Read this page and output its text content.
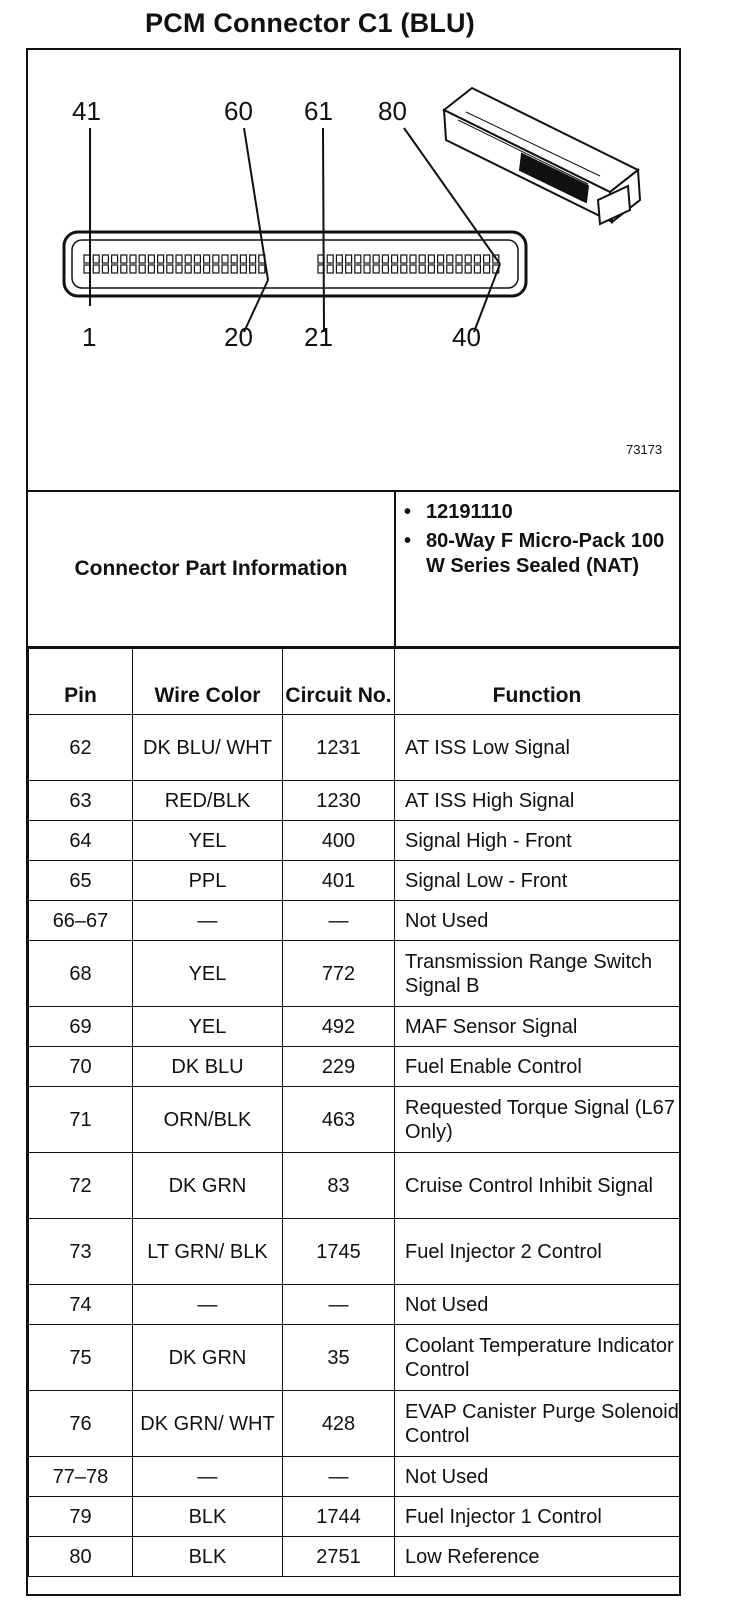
PCM Connector C1 (BLU)
41	60 61 80
1	20 21	40
73173
Connector Part Information
• 12191110
• 80-Way F Micro-Pack 100 W Series Sealed (NAT)
Pin	Wire Color	Circuit No.	Function
62	DK BLU/ WHT	1231	AT ISS Low Signal
63	RED/BLK	1230	AT ISS High Signal
64	YEL	400	Signal High - Front
65	PPL	401	Signal Low - Front
66–67	—	—	Not Used
68	YEL	772	Transmission Range Switch Signal B
69	YEL	492	MAF Sensor Signal
70	DK BLU	229	Fuel Enable Control
71	ORN/BLK	463	Requested Torque Signal (L67 Only)
72	DK GRN	83	Cruise Control Inhibit Signal
73	LT GRN/ BLK	1745	Fuel Injector 2 Control
74	—	—	Not Used
75	DK GRN	35	Coolant Temperature Indicator Control
76	DK GRN/ WHT	428	EVAP Canister Purge Solenoid Control
77–78	—	—	Not Used
79	BLK	1744	Fuel Injector 1 Control
80	BLK	2751	Low Reference
